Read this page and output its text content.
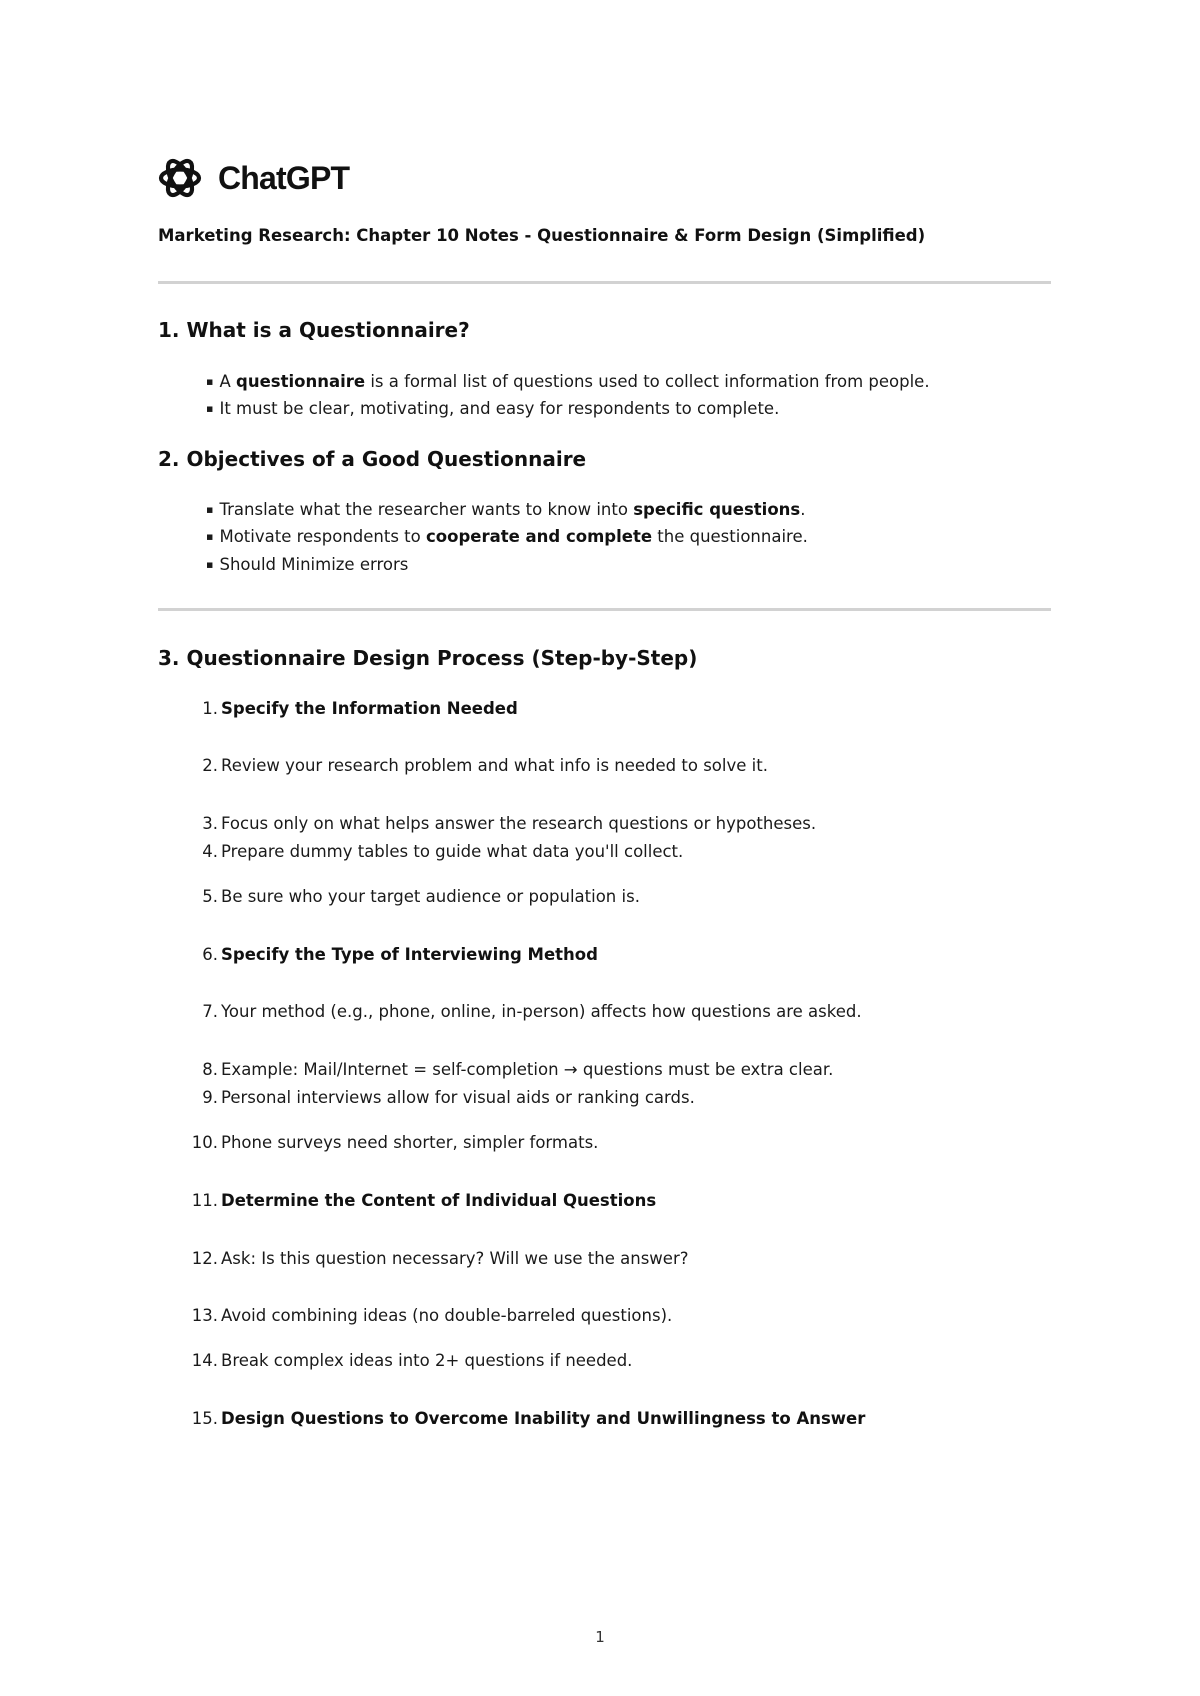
ChatGPT
Marketing Research: Chapter 10 Notes - Questionnaire & Form Design (Simplified)
1. What is a Questionnaire?
▪ A questionnaire is a formal list of questions used to collect information from people.
▪ It must be clear, motivating, and easy for respondents to complete.
2. Objectives of a Good Questionnaire
▪ Translate what the researcher wants to know into specific questions.
▪ Motivate respondents to cooperate and complete the questionnaire.
▪ Should Minimize errors
3. Questionnaire Design Process (Step-by-Step)
1. Specify the Information Needed
2. Review your research problem and what info is needed to solve it.
3. Focus only on what helps answer the research questions or hypotheses.
4. Prepare dummy tables to guide what data you'll collect.
5. Be sure who your target audience or population is.
6. Specify the Type of Interviewing Method
7. Your method (e.g., phone, online, in-person) affects how questions are asked.
8. Example: Mail/Internet = self-completion → questions must be extra clear.
9. Personal interviews allow for visual aids or ranking cards.
10. Phone surveys need shorter, simpler formats.
11. Determine the Content of Individual Questions
12. Ask: Is this question necessary? Will we use the answer?
13. Avoid combining ideas (no double-barreled questions).
14. Break complex ideas into 2+ questions if needed.
15. Design Questions to Overcome Inability and Unwillingness to Answer
1
